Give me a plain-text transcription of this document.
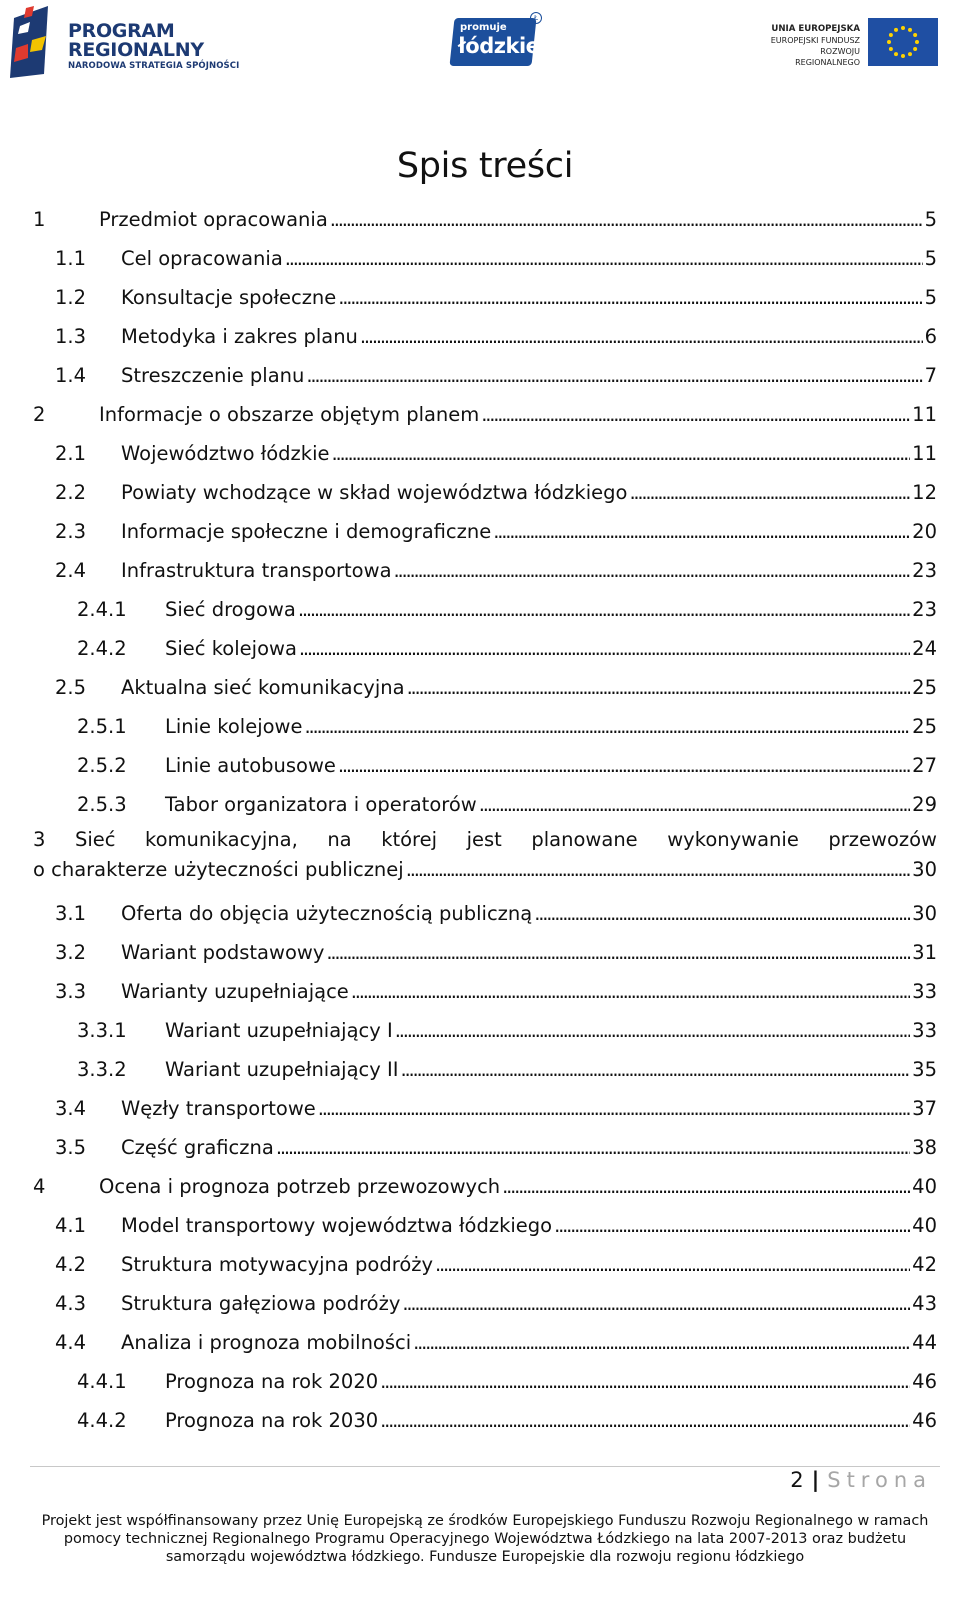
PROGRAM
REGIONALNY
NARODOWA STRATEGIA SPÓJNOŚCI
promuje
łódzkie
Ł
UNIA EUROPEJSKA
EUROPEJSKI FUNDUSZ
ROZWOJU REGIONALNEGO
Spis treści
1	Przedmiot opracowania . . .	5
1.1	Cel opracowania . . .	5
1.2	Konsultacje społeczne . . .	5
1.3	Metodyka i zakres planu . . .	6
1.4	Streszczenie planu . . .	7
2	Informacje o obszarze objętym planem . . .	11
2.1	Województwo łódzkie . . .	11
2.2	Powiaty wchodzące w skład województwa łódzkiego . . .	12
2.3	Informacje społeczne i demograficzne . . .	20
2.4	Infrastruktura transportowa . . .	23
2.4.1	Sieć drogowa . . .	23
2.4.2	Sieć kolejowa . . .	24
2.5	Aktualna sieć komunikacyjna . . .	25
2.5.1	Linie kolejowe . . .	25
2.5.2	Linie autobusowe . . .	27
2.5.3	Tabor organizatora i operatorów . . .	29
3 Sieć komunikacyjna, na której jest planowane wykonywanie przewozów
o charakterze użyteczności publicznej . . .	30
3.1	Oferta do objęcia użytecznością publiczną . . .	30
3.2	Wariant podstawowy . . .	31
3.3	Warianty uzupełniające . . .	33
3.3.1	Wariant uzupełniający I . . .	33
3.3.2	Wariant uzupełniający II . . .	35
3.4	Węzły transportowe . . .	37
3.5	Część graficzna . . .	38
4	Ocena i prognoza potrzeb przewozowych . . .	40
4.1	Model transportowy województwa łódzkiego . . .	40
4.2	Struktura motywacyjna podróży . . .	42
4.3	Struktura gałęziowa podróży . . .	43
4.4	Analiza i prognoza mobilności . . .	44
4.4.1	Prognoza na rok 2020 . . .	46
4.4.2	Prognoza na rok 2030 . . .	46
2 | Strona
Projekt jest współfinansowany przez Unię Europejską ze środków Europejskiego Funduszu Rozwoju Regionalnego w ramach
pomocy technicznej Regionalnego Programu Operacyjnego Województwa Łódzkiego na lata 2007-2013 oraz budżetu
samorządu województwa łódzkiego. Fundusze Europejskie dla rozwoju regionu łódzkiego
